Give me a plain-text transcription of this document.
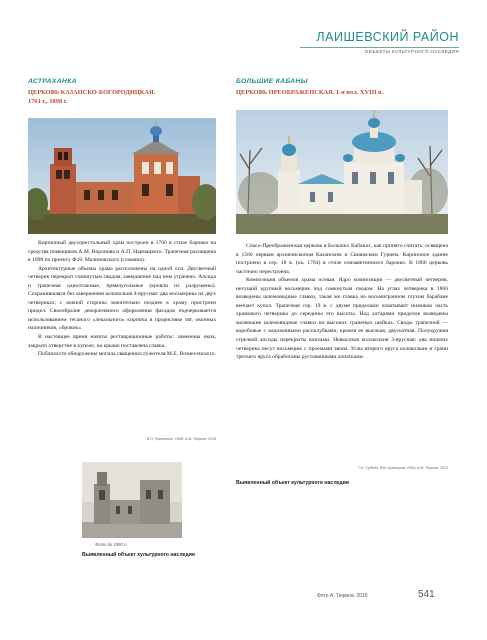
ЛАИШЕВСКИЙ РАЙОН
ОБЪЕКТЫ КУЛЬТУРНОГО НАСЛЕДИЯ
АСТРАХАНКА
ЦЕРКОВЬ КАЗАНСКО-БОГОРОДИЦКАЯ.
1761 г., 1898 г.
БОЛЬШИЕ КАБАНЫ
ЦЕРКОВЬ ПРЕОБРАЖЕНСКАЯ. 1-я пол. XVIII в.

Кирпичный двухпрестольный храм построен в 1760 в стиле барокко на средства помещиков А.М. Воронова и А.П. Нармацкого. Трапезная расширена в 1898 по проекту Ф.Н. Малиновского (сломана).

Архитектурные объемы храма расположены на одной оси. Двусветный четверик перекрыт сомкнутым сводом, завершение над ним утрачено. Апсида и трапезная одноэтажные, прямоугольные (кровли их разрушены). Сохранившаяся без завершения колокольня 4-ярусная: два восьмерика на двух четвериках; с южной стороны значительно позднее к храму пристроен придел. Своеобразие декоративного оформления фасадов подчеркивается использованием тесаного «лекального» кирпича в прорисовке тяг, оконных наличников, «бровок».

В настоящее время начаты реставрационные работы: заменены окна, закрыто отверстие в куполе, на крыше поставлена главка.

Поблизости обнаружены могила священнослужителя М.Е. Вознесенского.

В.П. Прилепкин, 1998; А.М. Тюрина, 2018
Фото до 1990 г.
Выявленный объект культурного наследия

Спасо-Преображенская церковь в Больших Кабанах, как принято считать, освящена в 1560 первым архиепископом Казанским и Свияжским Гурием. Кирпичное здание построено в сер. 18 в. (ок. 1764) в стиле елизаветинского барокко. В 1866 церковь частично перестроена.

Композиция объемов храма осевая. Ядро композиции — двусветный четверик, несущий крупный восьмерик под сомкнутым сводом. На углах четверика в 1866 возведены шлемовидные главки, такая же главка на восьмигранном глухом барабане венчает купол. Трапезная сер. 19 в. с двумя приделами охватывает нижнюю часть храмового четверика до середины его высоты. Над алтарями приделов возведены маленькие шлемовидные главки на высоких граненых шейках. Своды трапезной — коробовые с надоконными распалубками, кровля ее высокая, двускатная. Полукружия стрелкой апсиды перекрыты конхами. Невысокая колокольня 3-ярусная: два нижних четверика несут восьмерик с проемами звона. Углы второго яруса колокольни и грани третьего яруса обработаны рустованными лопатками.

Г.Н. Судеба, В.В. Кузнецова, 1994; А.М. Тюрина, 2013
Выявленный объект культурного наследия
Фото А. Тюрина, 2015	541
